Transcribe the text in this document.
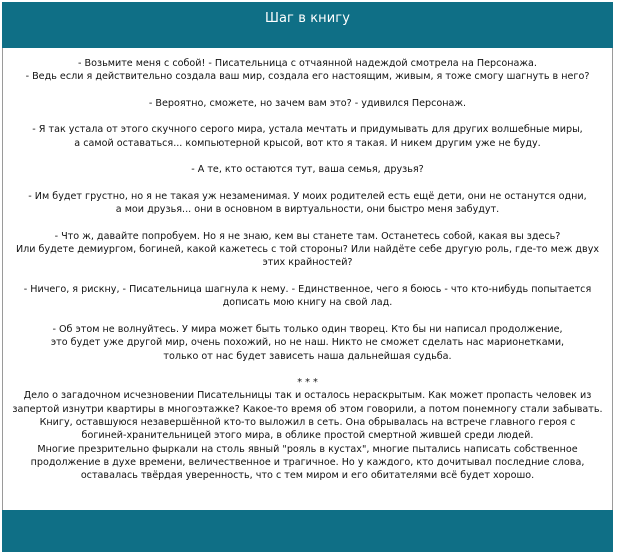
Шаг в книгу

- Возьмите меня с собой! - Писательница с отчаянной надеждой смотрела на Персонажа.
- Ведь если я действительно создала ваш мир, создала его настоящим, живым, я тоже смогу шагнуть в него?

- Вероятно, сможете, но зачем вам это? - удивился Персонаж.

- Я так устала от этого скучного серого мира, устала мечтать и придумывать для других волшебные миры,
а самой оставаться... компьютерной крысой, вот кто я такая. И никем другим уже не буду.

- А те, кто остаются тут, ваша семья, друзья?

- Им будет грустно, но я не такая уж незаменимая. У моих родителей есть ещё дети, они не останутся одни,
а мои друзья... они в основном в виртуальности, они быстро меня забудут.

- Что ж, давайте попробуем. Но я не знаю, кем вы станете там. Останетесь собой, какая вы здесь?
Или будете демиургом, богиней, какой кажетесь с той стороны? Или найдёте себе другую роль, где-то меж двух
этих крайностей?

- Ничего, я рискну, - Писательница шагнула к нему. - Единственное, чего я боюсь - что кто-нибудь попытается
дописать мою книгу на свой лад.

- Об этом не волнуйтесь. У мира может быть только один творец. Кто бы ни написал продолжение,
это будет уже другой мир, очень похожий, но не наш. Никто не сможет сделать нас марионетками,
только от нас будет зависеть наша дальнейшая судьба.

* * *
Дело о загадочном исчезновении Писательницы так и осталось нераскрытым. Как может пропасть человек из
запертой изнутри квартиры в многоэтажке? Какое-то время об этом говорили, а потом понемногу стали забывать.
Книгу, оставшуюся незавершённой кто-то выложил в сеть. Она обрывалась на встрече главного героя с
богиней-хранительницей этого мира, в облике простой смертной жившей среди людей.
Многие презрительно фыркали на столь явный "рояль в кустах", многие пытались написать собственное
продолжение в духе времени, величественное и трагичное. Но у каждого, кто дочитывал последние слова,
оставалась твёрдая уверенность, что с тем миром и его обитателями всё будет хорошо.
